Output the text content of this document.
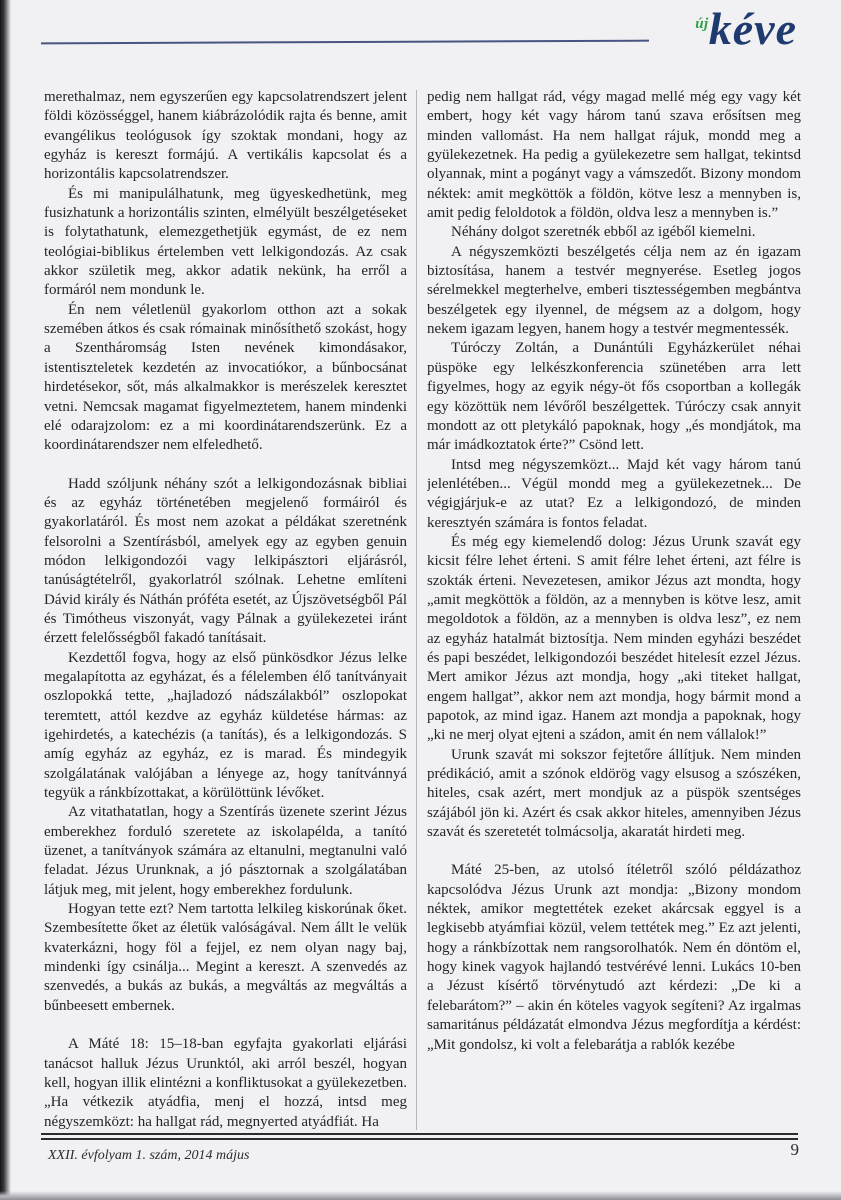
újkéve

merethalmaz, nem egyszerűen egy kapcsolatrendszert jelent földi közösséggel, hanem kiábrázolódik rajta és benne, amit evangélikus teológusok így szoktak mondani, hogy az egyház is kereszt formájú. A vertikális kapcsolat és a horizontális kapcsolatrendszer.

És mi manipulálhatunk, meg ügyeskedhetünk, meg fusizhatunk a horizontális szinten, elmélyült beszélgetéseket is folytathatunk, elemezgethetjük egymást, de ez nem teológiai-biblikus értelemben vett lelkigondozás. Az csak akkor születik meg, akkor adatik nekünk, ha erről a formáról nem mondunk le.

Én nem véletlenül gyakorlom otthon azt a sokak szemében átkos és csak rómainak minősíthető szokást, hogy a Szentháromság Isten nevének kimondásakor, istentiszteletek kezdetén az invocatiókor, a bűnbocsánat hirdetésekor, sőt, más alkalmakkor is merészelek keresztet vetni. Nemcsak magamat figyelmeztetem, hanem mindenki elé odarajzolom: ez a mi koordinátarendszerünk. Ez a koordinátarendszer nem elfeledhető.

Hadd szóljunk néhány szót a lelkigondozásnak bibliai és az egyház történetében megjelenő formáiról és gyakorlatáról. És most nem azokat a példákat szeretnénk felsorolni a Szentírásból, amelyek egy az egyben genuin módon lelkigondozói vagy lelkipásztori eljárásról, tanúságtételről, gyakorlatról szólnak. Lehetne említeni Dávid király és Náthán próféta esetét, az Újszövetségből Pál és Timótheus viszonyát, vagy Pálnak a gyülekezetei iránt érzett felelősségből fakadó tanításait.

Kezdettől fogva, hogy az első pünkösdkor Jézus lelke megalapította az egyházat, és a félelemben élő tanítványait oszlopokká tette, „hajladozó nádszálakból” oszlopokat teremtett, attól kezdve az egyház küldetése hármas: az igehirdetés, a katechézis (a tanítás), és a lelkigondozás. S amíg egyház az egyház, ez is marad. És mindegyik szolgálatának valójában a lényege az, hogy tanítvánnyá tegyük a ránkbízottakat, a körülöttünk lévőket.

Az vitathatatlan, hogy a Szentírás üzenete szerint Jézus emberekhez forduló szeretete az iskolapélda, a tanító üzenet, a tanítványok számára az eltanulni, megtanulni való feladat. Jézus Urunknak, a jó pásztornak a szolgálatában látjuk meg, mit jelent, hogy emberekhez fordulunk.

Hogyan tette ezt? Nem tartotta lelkileg kiskorúnak őket. Szembesítette őket az életük valóságával. Nem állt le velük kvaterkázni, hogy föl a fejjel, ez nem olyan nagy baj, mindenki így csinálja... Megint a kereszt. A szenvedés az szenvedés, a bukás az bukás, a megváltás az megváltás a bűnbeesett embernek.

A Máté 18: 15–18-ban egyfajta gyakorlati eljárási tanácsot halluk Jézus Urunktól, aki arról beszél, hogyan kell, hogyan illik elintézni a konfliktusokat a gyülekezetben. „Ha vétkezik atyádfia, menj el hozzá, intsd meg négyszemközt: ha hallgat rád, megnyerted atyádfiát. Ha

pedig nem hallgat rád, végy magad mellé még egy vagy két embert, hogy két vagy három tanú szava erősítsen meg minden vallomást. Ha nem hallgat rájuk, mondd meg a gyülekezetnek. Ha pedig a gyülekezetre sem hallgat, tekintsd olyannak, mint a pogányt vagy a vámszedőt. Bizony mondom néktek: amit megköttök a földön, kötve lesz a mennyben is, amit pedig feloldotok a földön, oldva lesz a mennyben is.”

Néhány dolgot szeretnék ebből az igéből kiemelni.

A négyszemközti beszélgetés célja nem az én igazam biztosítása, hanem a testvér megnyerése. Esetleg jogos sérelmekkel megterhelve, emberi tisztességemben megbántva beszélgetek egy ilyennel, de mégsem az a dolgom, hogy nekem igazam legyen, hanem hogy a testvér megmentessék.

Túróczy Zoltán, a Dunántúli Egyházkerület néhai püspöke egy lelkészkonferencia szünetében arra lett figyelmes, hogy az egyik négy-öt fős csoportban a kollegák egy közöttük nem lévőről beszélgettek. Túróczy csak annyit mondott az ott pletykáló papoknak, hogy „és mondjátok, ma már imádkoztatok érte?” Csönd lett.

Intsd meg négyszemközt... Majd két vagy három tanú jelenlétében... Végül mondd meg a gyülekezetnek... De végigjárjuk-e az utat? Ez a lelkigondozó, de minden keresztyén számára is fontos feladat.

És még egy kiemelendő dolog: Jézus Urunk szavát egy kicsit félre lehet érteni. S amit félre lehet érteni, azt félre is szokták érteni. Nevezetesen, amikor Jézus azt mondta, hogy „amit megköttök a földön, az a mennyben is kötve lesz, amit megoldotok a földön, az a mennyben is oldva lesz”, ez nem az egyház hatalmát biztosítja. Nem minden egyházi beszédet és papi beszédet, lelkigondozói beszédet hitelesít ezzel Jézus. Mert amikor Jézus azt mondja, hogy „aki titeket hallgat, engem hallgat”, akkor nem azt mondja, hogy bármit mond a papotok, az mind igaz. Hanem azt mondja a papoknak, hogy „ki ne merj olyat ejteni a szádon, amit én nem vállalok!”

Urunk szavát mi sokszor fejtetőre állítjuk. Nem minden prédikáció, amit a szónok eldörög vagy elsusog a szószéken, hiteles, csak azért, mert mondjuk az a püspök szentséges szájából jön ki. Azért és csak akkor hiteles, amennyiben Jézus szavát és szeretetét tolmácsolja, akaratát hirdeti meg.

Máté 25-ben, az utolsó ítéletről szóló példázathoz kapcsolódva Jézus Urunk azt mondja: „Bizony mondom néktek, amikor megtettétek ezeket akárcsak eggyel is a legkisebb atyámfiai közül, velem tettétek meg.” Ez azt jelenti, hogy a ránkbízottak nem rangsorolhatók. Nem én döntöm el, hogy kinek vagyok hajlandó testvérévé lenni. Lukács 10-ben a Jézust kísértő törvénytudó azt kérdezi: „De ki a felebarátom?” – akin én köteles vagyok segíteni? Az irgalmas samaritánus példázatát elmondva Jézus megfordítja a kérdést: „Mit gondolsz, ki volt a felebarátja a rablók kezébe

XXII. évfolyam 1. szám, 2014 május	9
